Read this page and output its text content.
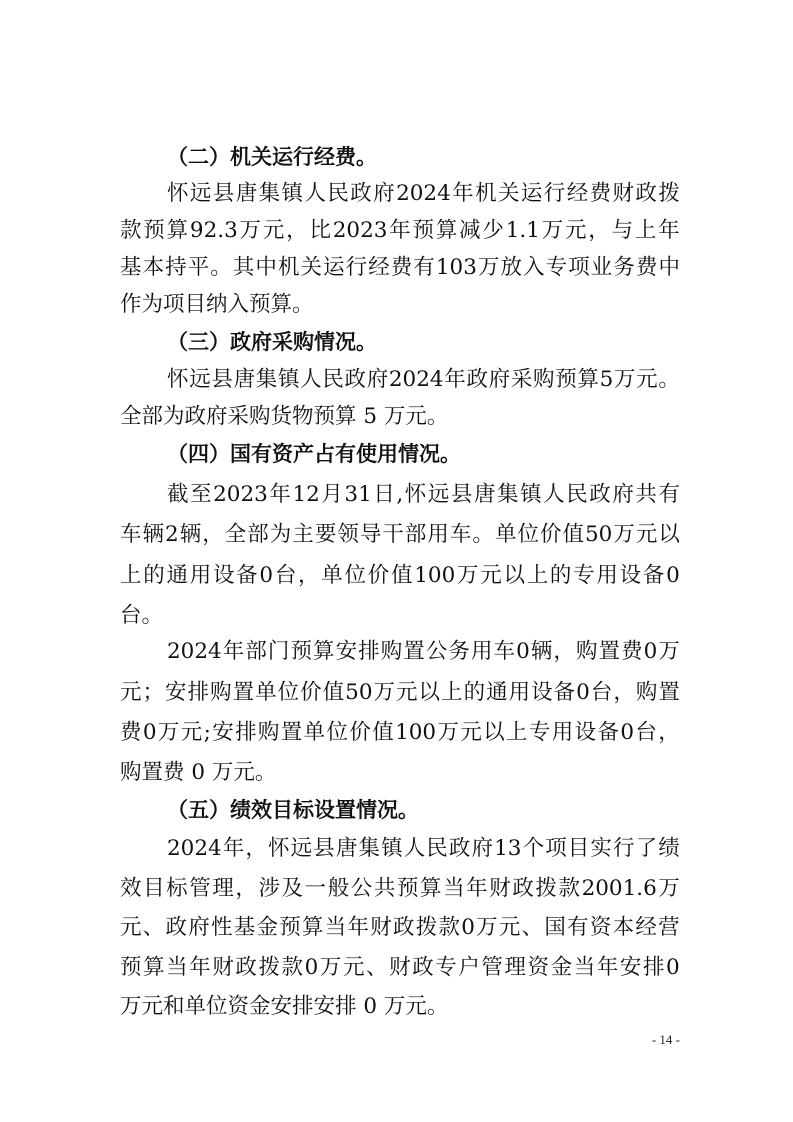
（二）机关运行经费。
怀 远 县 唐 集 镇 人 民 政 府 2024 年 机 关 运 行 经 费 财 政 拨
款 预 算 92.3 万 元 ， 比 2023 年 预 算 减 少 1.1 万 元 ， 与 上 年
基 本 持 平 。 其 中 机 关 运 行 经 费 有 103 万 放 入 专 项 业 务 费 中
作为项目纳入预算。
（三）政府采购情况。
怀 远 县 唐 集 镇 人 民 政 府 2024 年 政 府 采 购 预 算 5 万 元 。
全部为政府采购货物预算 5 万元。
（四）国有资产占有使用情况。
截 至 2023 年 12 月 31 日 , 怀 远 县 唐 集 镇 人 民 政 府 共 有
车 辆 2 辆 ， 全 部 为 主 要 领 导 干 部 用 车 。 单 位 价 值 50 万 元 以
上 的 通 用 设 备 0 台 ， 单 位 价 值 100 万 元 以 上 的 专 用 设 备 0
台。
2024 年 部 门 预 算 安 排 购 置 公 务 用 车 0 辆 ， 购 置 费 0 万
元 ； 安 排 购 置 单 位 价 值 50 万 元 以 上 的 通 用 设 备 0 台 ， 购 置
费 0 万 元 ; 安 排 购 置 单 位 价 值 100 万 元 以 上 专 用 设 备 0 台 ，
购置费 0 万元。
（五）绩效目标设置情况。
2024 年 ， 怀 远 县 唐 集 镇 人 民 政 府 13 个 项 目 实 行 了 绩
效 目 标 管 理 ， 涉 及 一 般 公 共 预 算 当 年 财 政 拨 款 2001.6 万
元 、 政 府 性 基 金 预 算 当 年 财 政 拨 款 0 万 元 、 国 有 资 本 经 营
预 算 当 年 财 政 拨 款 0 万 元 、 财 政 专 户 管 理 资 金 当 年 安 排 0
万元和单位资金安排安排 0 万元。
- 14 -
